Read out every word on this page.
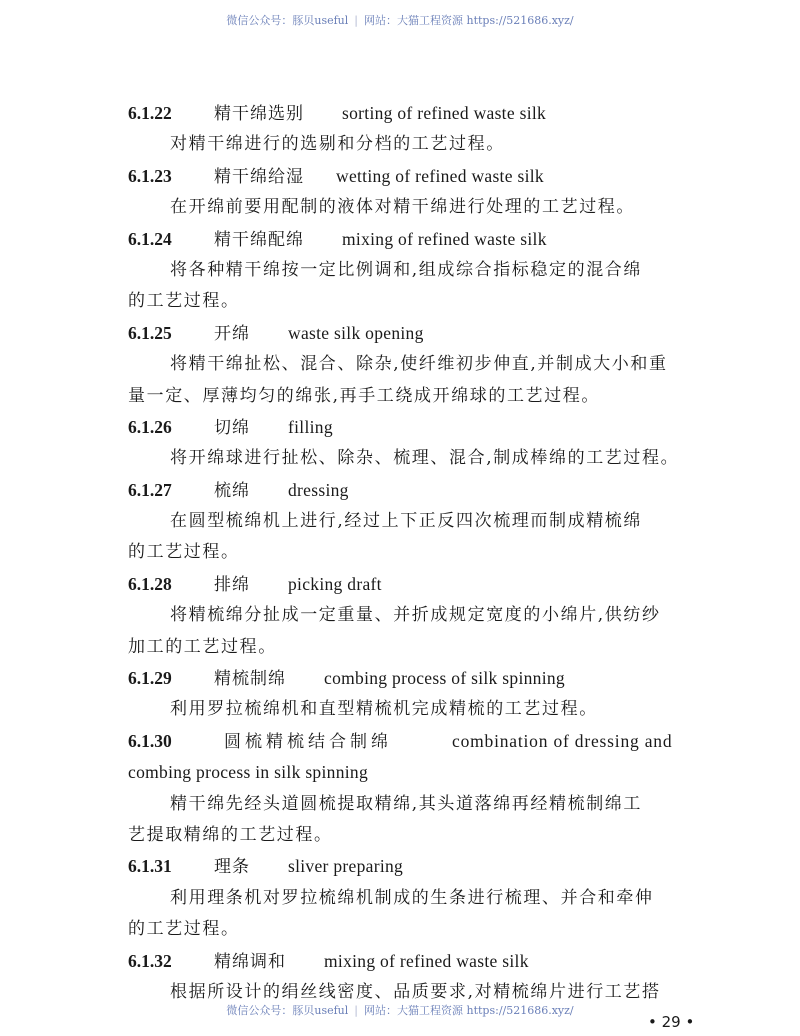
微信公众号：豚贝useful | 网站：大猫工程资源 https://521686.xyz/
6.1.22 精干绵选别 sorting of refined waste silk
对精干绵进行的选剔和分档的工艺过程。
6.1.23 精干绵给湿 wetting of refined waste silk
在开绵前要用配制的液体对精干绵进行处理的工艺过程。
6.1.24 精干绵配绵 mixing of refined waste silk
将各种精干绵按一定比例调和,组成综合指标稳定的混合绵
的工艺过程。
6.1.25 开绵 waste silk opening
将精干绵扯松、混合、除杂,使纤维初步伸直,并制成大小和重
量一定、厚薄均匀的绵张,再手工绕成开绵球的工艺过程。
6.1.26 切绵 filling
将开绵球进行扯松、除杂、梳理、混合,制成棒绵的工艺过程。
6.1.27 梳绵 dressing
在圆型梳绵机上进行,经过上下正反四次梳理而制成精梳绵
的工艺过程。
6.1.28 排绵 picking draft
将精梳绵分扯成一定重量、并折成规定宽度的小绵片,供纺纱
加工的工艺过程。
6.1.29 精梳制绵 combing process of silk spinning
利用罗拉梳绵机和直型精梳机完成精梳的工艺过程。
6.1.30	圆梳精梳结合制绵	combination of dressing and
combing process in silk spinning
精干绵先经头道圆梳提取精绵,其头道落绵再经精梳制绵工
艺提取精绵的工艺过程。
6.1.31 理条 sliver preparing
利用理条机对罗拉梳绵机制成的生条进行梳理、并合和牵伸
的工艺过程。
6.1.32 精绵调和 mixing of refined waste silk
根据所设计的绢丝线密度、品质要求,对精梳绵片进行工艺搭
微信公众号：豚贝useful | 网站：大猫工程资源 https://521686.xyz/
• 29 •
